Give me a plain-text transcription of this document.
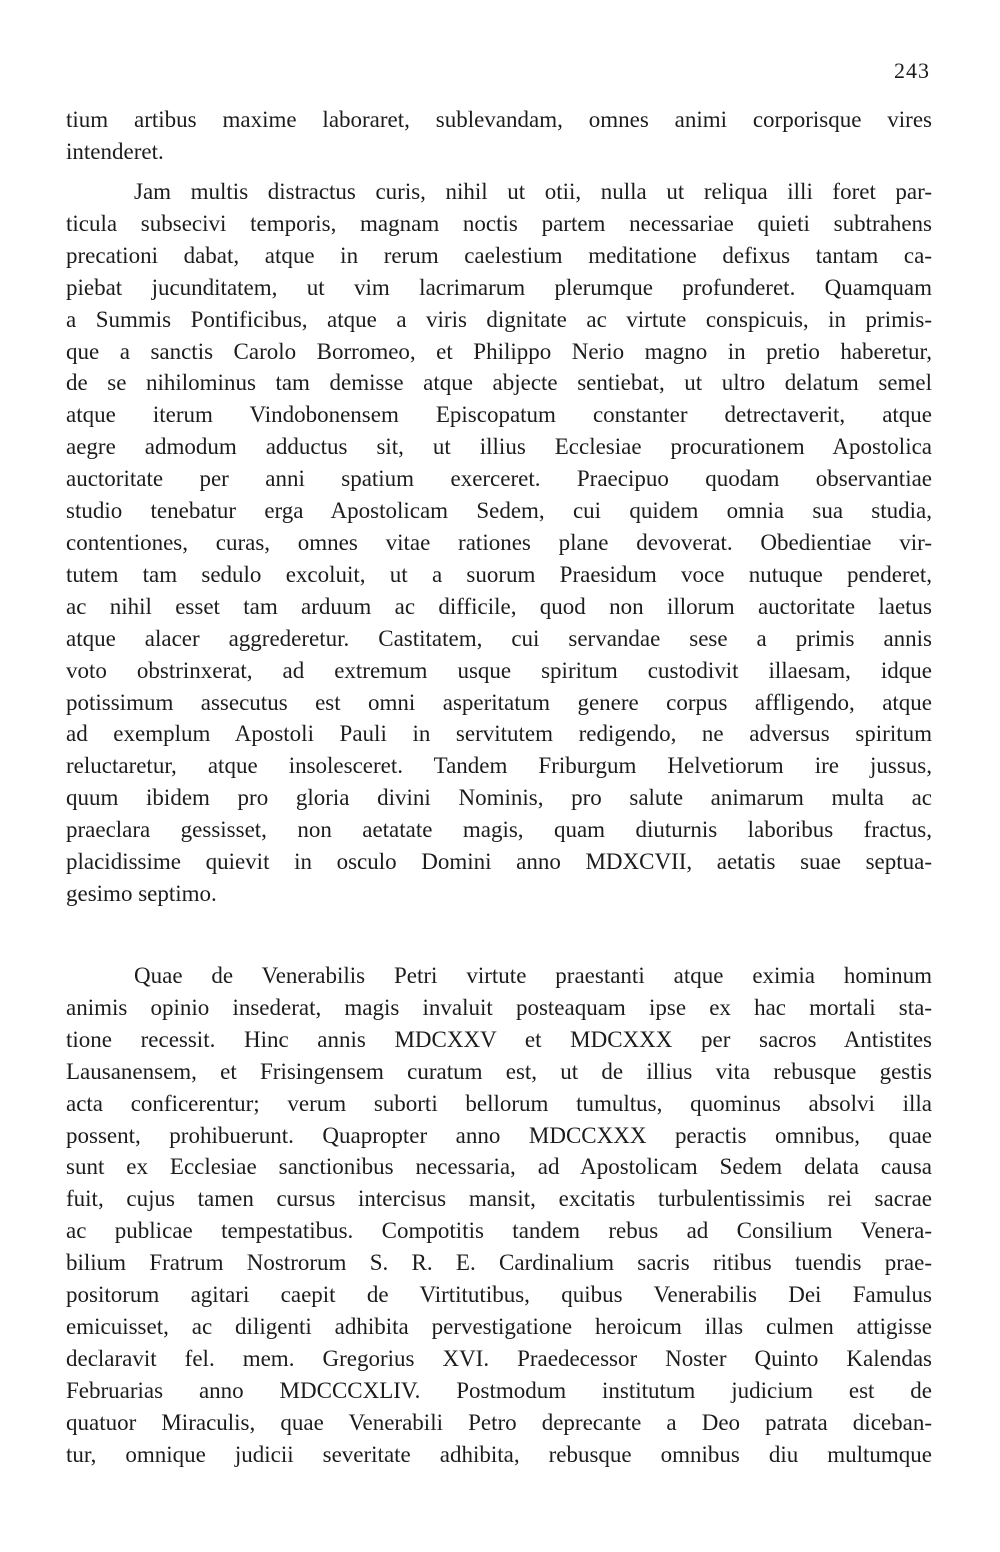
243
tium artibus maxime laboraret, sublevandam, omnes animi corporisque vires
intenderet.
Jam multis distractus curis, nihil ut otii, nulla ut reliqua illi foret par-
ticula subsecivi temporis, magnam noctis partem necessariae quieti subtrahens
precationi dabat, atque in rerum caelestium meditatione defixus tantam ca-
piebat jucunditatem, ut vim lacrimarum plerumque profunderet. Quamquam
a Summis Pontificibus, atque a viris dignitate ac virtute conspicuis, in primis-
que a sanctis Carolo Borromeo, et Philippo Nerio magno in pretio haberetur,
de se nihilominus tam demisse atque abjecte sentiebat, ut ultro delatum semel
atque iterum Vindobonensem Episcopatum constanter detrectaverit, atque
aegre admodum adductus sit, ut illius Ecclesiae procurationem Apostolica
auctoritate per anni spatium exerceret. Praecipuo quodam observantiae
studio tenebatur erga Apostolicam Sedem, cui quidem omnia sua studia,
contentiones, curas, omnes vitae rationes plane devoverat. Obedientiae vir-
tutem tam sedulo excoluit, ut a suorum Praesidum voce nutuque penderet,
ac nihil esset tam arduum ac difficile, quod non illorum auctoritate laetus
atque alacer aggrederetur. Castitatem, cui servandae sese a primis annis
voto obstrinxerat, ad extremum usque spiritum custodivit illaesam, idque
potissimum assecutus est omni asperitatum genere corpus affligendo, atque
ad exemplum Apostoli Pauli in servitutem redigendo, ne adversus spiritum
reluctaretur, atque insolesceret. Tandem Friburgum Helvetiorum ire jussus,
quum ibidem pro gloria divini Nominis, pro salute animarum multa ac
praeclara gessisset, non aetatate magis, quam diuturnis laboribus fractus,
placidissime quievit in osculo Domini anno MDXCVII, aetatis suae septua-
gesimo septimo.
Quae de Venerabilis Petri virtute praestanti atque eximia hominum
animis opinio insederat, magis invaluit posteaquam ipse ex hac mortali sta-
tione recessit. Hinc annis MDCXXV et MDCXXX per sacros Antistites
Lausanensem, et Frisingensem curatum est, ut de illius vita rebusque gestis
acta conficerentur; verum suborti bellorum tumultus, quominus absolvi illa
possent, prohibuerunt. Quapropter anno MDCCXXX peractis omnibus, quae
sunt ex Ecclesiae sanctionibus necessaria, ad Apostolicam Sedem delata causa
fuit, cujus tamen cursus intercisus mansit, excitatis turbulentissimis rei sacrae
ac publicae tempestatibus. Compotitis tandem rebus ad Consilium Venera-
bilium Fratrum Nostrorum S. R. E. Cardinalium sacris ritibus tuendis prae-
positorum agitari caepit de Virtitutibus, quibus Venerabilis Dei Famulus
emicuisset, ac diligenti adhibita pervestigatione heroicum illas culmen attigisse
declaravit fel. mem. Gregorius XVI. Praedecessor Noster Quinto Kalendas
Februarias anno MDCCCXLIV. Postmodum institutum judicium est de
quatuor Miraculis, quae Venerabili Petro deprecante a Deo patrata diceban-
tur, omnique judicii severitate adhibita, rebusque omnibus diu multumque
